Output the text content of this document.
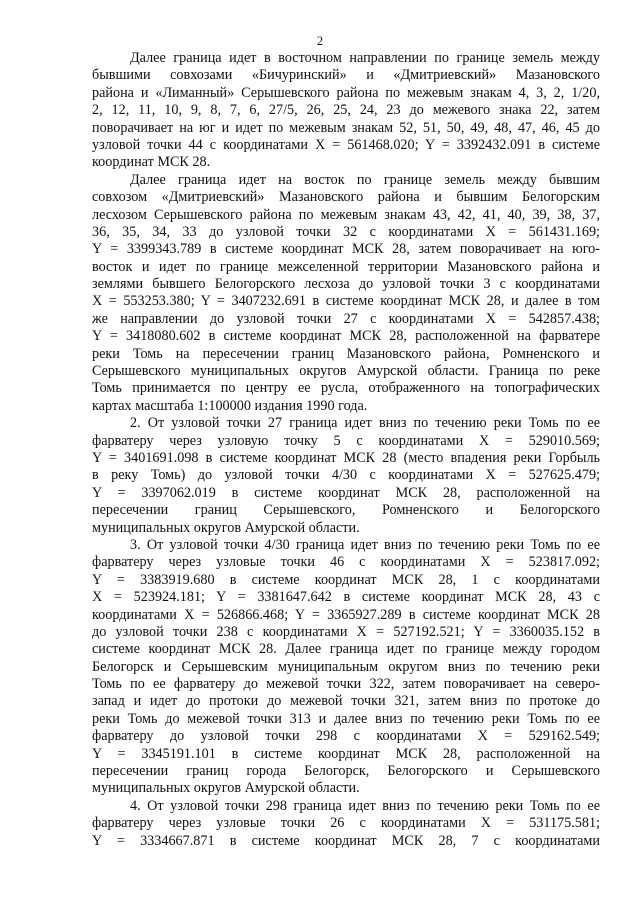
2
Далее граница идет в восточном направлении по границе земель между
бывшими совхозами «Бичуринский» и «Дмитриевский» Мазановского
района и «Лиманный» Серышевского района по межевым знакам 4, 3, 2, 1/20,
2, 12, 11, 10, 9, 8, 7, 6, 27/5, 26, 25, 24, 23 до межевого знака 22, затем
поворачивает на юг и идет по межевым знакам 52, 51, 50, 49, 48, 47, 46, 45 до
узловой точки 44 с координатами X = 561468.020; Y = 3392432.091 в системе
координат МСК 28.
Далее граница идет на восток по границе земель между бывшим
совхозом «Дмитриевский» Мазановского района и бывшим Белогорским
лесхозом Серышевского района по межевым знакам 43, 42, 41, 40, 39, 38, 37,
36, 35, 34, 33 до узловой точки 32 с координатами X = 561431.169;
Y = 3399343.789 в системе координат МСК 28, затем поворачивает на юго-
восток и идет по границе межселенной территории Мазановского района и
землями бывшего Белогорского лесхоза до узловой точки 3 с координатами
X = 553253.380; Y = 3407232.691 в системе координат МСК 28, и далее в том
же направлении до узловой точки 27 с координатами X = 542857.438;
Y = 3418080.602 в системе координат МСК 28, расположенной на фарватере
реки Томь на пересечении границ Мазановского района, Ромненского и
Серышевского муниципальных округов Амурской области. Граница по реке
Томь принимается по центру ее русла, отображенного на топографических
картах масштаба 1:100000 издания 1990 года.
2. От узловой точки 27 граница идет вниз по течению реки Томь по ее
фарватеру через узловую точку 5 с координатами X = 529010.569;
Y = 3401691.098 в системе координат МСК 28 (место впадения реки Горбыль
в реку Томь) до узловой точки 4/30 с координатами X = 527625.479;
Y = 3397062.019 в системе координат МСК 28, расположенной на
пересечении границ Серышевского, Ромненского и Белогорского
муниципальных округов Амурской области.
3. От узловой точки 4/30 граница идет вниз по течению реки Томь по ее
фарватеру через узловые точки 46 с координатами X = 523817.092;
Y = 3383919.680 в системе координат МСК 28, 1 с координатами
X = 523924.181; Y = 3381647.642 в системе координат МСК 28, 43 с
координатами X = 526866.468; Y = 3365927.289 в системе координат МСК 28
до узловой точки 238 с координатами X = 527192.521; Y = 3360035.152 в
системе координат МСК 28. Далее граница идет по границе между городом
Белогорск и Серышевским муниципальным округом вниз по течению реки
Томь по ее фарватеру до межевой точки 322, затем поворачивает на северо-
запад и идет до протоки до межевой точки 321, затем вниз по протоке до
реки Томь до межевой точки 313 и далее вниз по течению реки Томь по ее
фарватеру до узловой точки 298 с координатами X = 529162.549;
Y = 3345191.101 в системе координат МСК 28, расположенной на
пересечении границ города Белогорск, Белогорского и Серышевского
муниципальных округов Амурской области.
4. От узловой точки 298 граница идет вниз по течению реки Томь по ее
фарватеру через узловые точки 26 с координатами X = 531175.581;
Y = 3334667.871 в системе координат МСК 28, 7 с координатами
